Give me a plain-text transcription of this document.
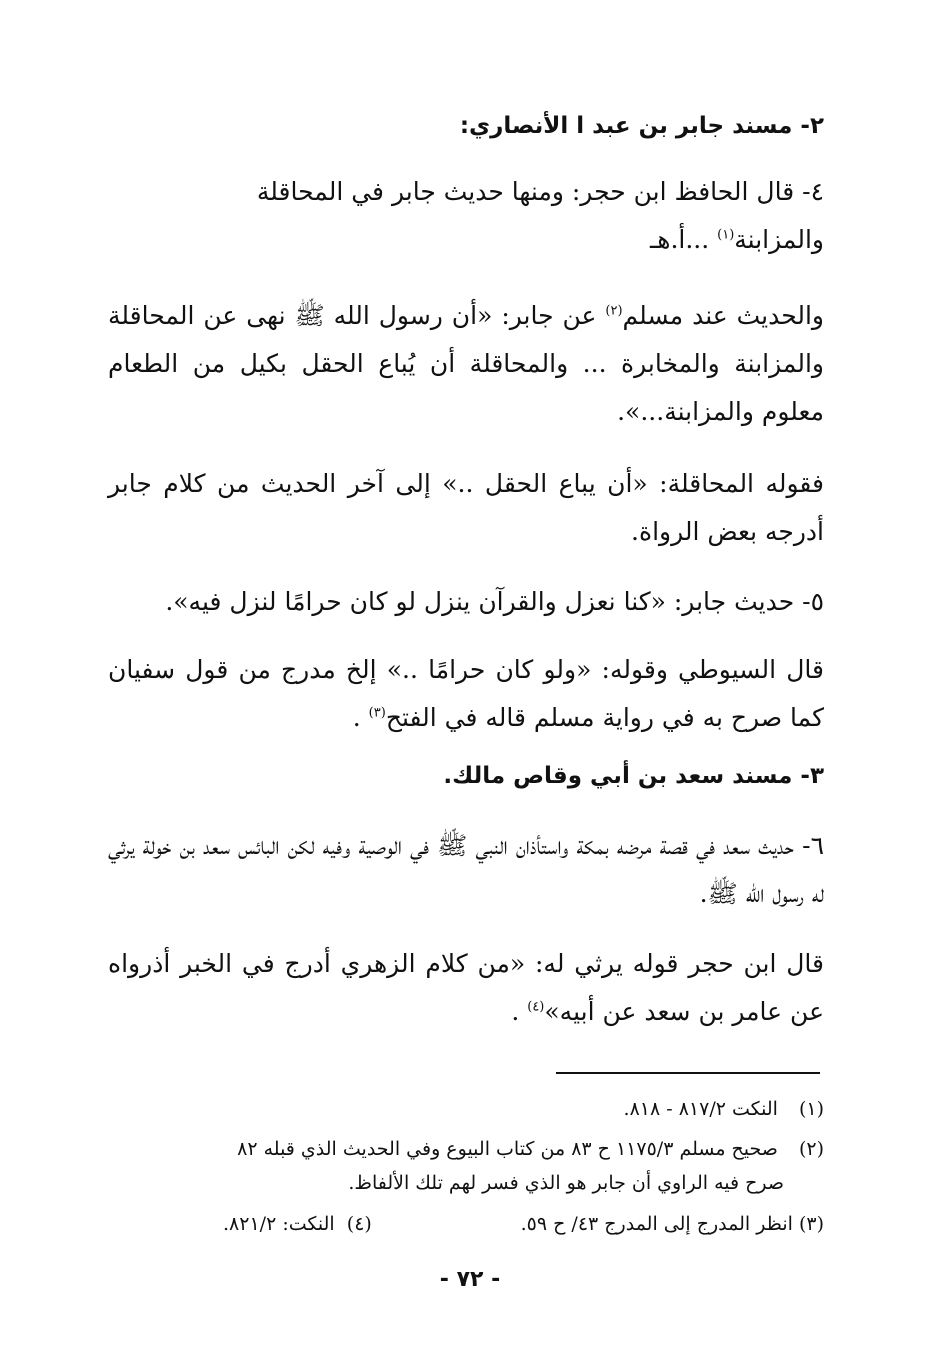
٢- مسند جابر بن عبد ا الأنصاري:
٤- قال الحافظ ابن حجر: ومنها حديث جابر في المحاقلة
والمزابنة$^{(١)}$ ...أ.هـ
والحديث عند مسلم$^{(٢)}$ عن جابر: «أن رسول الله ﷺ نهى عن المحاقلة والمزابنة والمخابرة ... والمحاقلة أن يُباع الحقل بكيل من الطعام معلوم والمزابنة...».
فقوله المحاقلة: «أن يباع الحقل ..» إلى آخر الحديث من كلام جابر أدرجه بعض الرواة.
٥- حديث جابر: «كنا نعزل والقرآن ينزل لو كان حرامًا لنزل فيه».
قال السيوطي وقوله: «ولو كان حرامًا ..» إلخ مدرج من قول سفيان كما صرح به في رواية مسلم قاله في الفتح$^{(٣)}$ .
٣- مسند سعد بن أبي وقاص مالك.
٦- حديث سعد في قصة مرضه بمكة واستأذان النبي ﷺ في الوصية وفيه لكن البائس سعد بن خولة يرثي له رسول الله ﷺ.
قال ابن حجر قوله يرثي له: «من كلام الزهري أدرج في الخبر أذرواه عن عامر بن سعد عن أبيه»$^{(٤)}$ .
(١) النكت ٨١٧/٢ - ٨١٨.
(٢) صحيح مسلم ١١٧٥/٣ ح ٨٣ من كتاب البيوع وفي الحديث الذي قبله ٨٢
صرح فيه الراوي أن جابر هو الذي فسر لهم تلك الألفاظ.
(٣) انظر المدرج إلى المدرج ٤٣/ ح ٥٩.
(٤)  النكت: ٨٢١/٢.
- ٧٢ -
